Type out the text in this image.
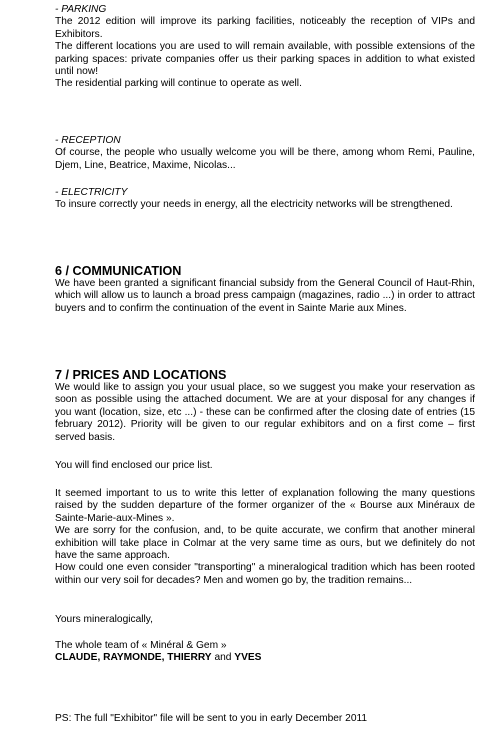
- PARKING

The 2012 edition will improve its parking facilities, noticeably the reception of VIPs and Exhibitors.

The different locations you are used to will remain available, with possible extensions of the parking spaces: private companies offer us their parking spaces in addition to what existed until now!

The residential parking will continue to operate as well.

- RECEPTION

Of course, the people who usually welcome you will be there, among whom Remi, Pauline, Djem, Line, Beatrice, Maxime, Nicolas...

- ELECTRICITY

To insure correctly your needs in energy, all the electricity networks will be strengthened.

6 / COMMUNICATION

We have been granted a significant financial subsidy from the General Council of Haut-Rhin, which will allow us to launch a broad press campaign (magazines, radio ...) in order to attract buyers and to confirm the continuation of the event in Sainte Marie aux Mines.

7 / PRICES AND LOCATIONS

We would like to assign you your usual place, so we suggest you make your reservation as soon as possible using the attached document. We are at your disposal for any changes if you want (location, size, etc ...) - these can be confirmed after the closing date of entries (15 february 2012). Priority will be given to our regular exhibitors and on a first come – first served basis.

You will find enclosed our price list.

It seemed important to us to write this letter of explanation following the many questions raised by the sudden departure of the former organizer of the « Bourse aux Minéraux de Sainte-Marie-aux-Mines ».

We are sorry for the confusion, and, to be quite accurate, we confirm that another mineral exhibition will take place in Colmar at the very same time as ours, but we definitely do not have the same approach.

How could one even consider "transporting" a mineralogical tradition which has been rooted within our very soil for decades? Men and women go by, the tradition remains...

Yours mineralogically,

The whole team of « Minéral & Gem »

CLAUDE, RAYMONDE, THIERRY and YVES

PS: The full "Exhibitor" file will be sent to you in early December 2011
